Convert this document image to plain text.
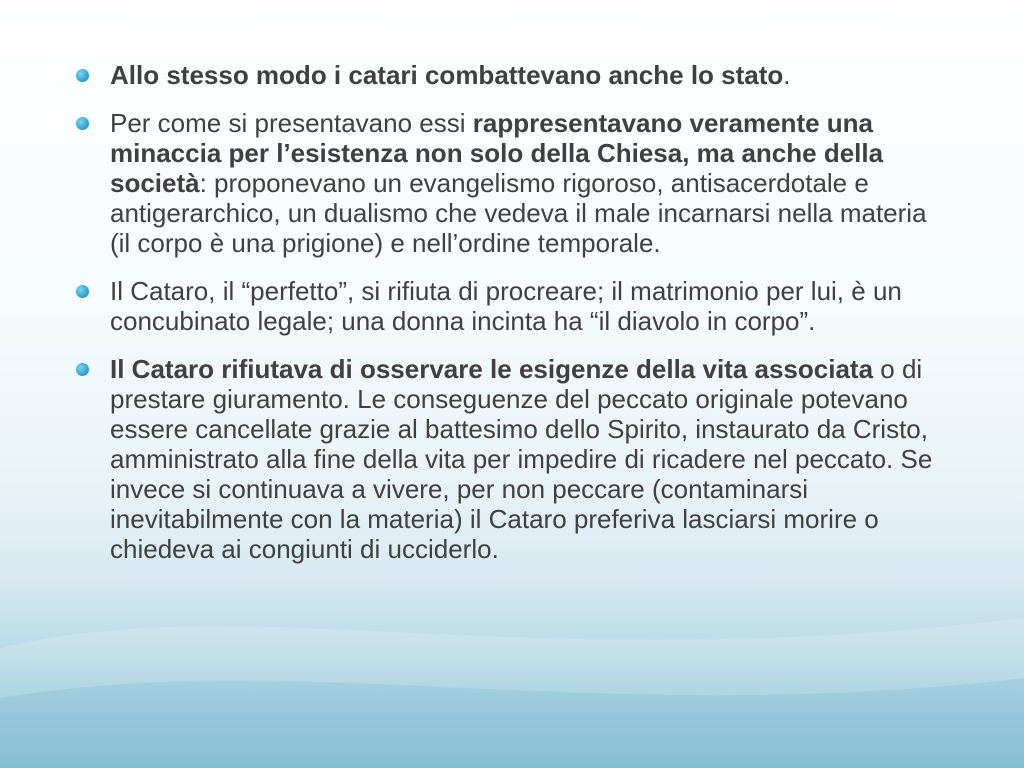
Allo stesso modo i catari combattevano anche lo stato.
Per come si presentavano essi rappresentavano veramente una minaccia per l’esistenza non solo della Chiesa, ma anche della società: proponevano un evangelismo rigoroso, antisacerdotale e antigerarchico, un dualismo che vedeva il male incarnarsi nella materia (il corpo è una prigione) e nell’ordine temporale.
Il Cataro, il “perfetto”, si rifiuta di procreare; il matrimonio per lui, è un concubinato legale; una donna incinta ha “il diavolo in corpo”.
Il Cataro rifiutava di osservare le esigenze della vita associata o di prestare giuramento. Le conseguenze del peccato originale potevano essere cancellate grazie al battesimo dello Spirito, instaurato da Cristo, amministrato alla fine della vita per impedire di ricadere nel peccato. Se invece si continuava a vivere, per non peccare (contaminarsi inevitabilmente con la materia) il Cataro preferiva lasciarsi morire o chiedeva ai congiunti di ucciderlo.
